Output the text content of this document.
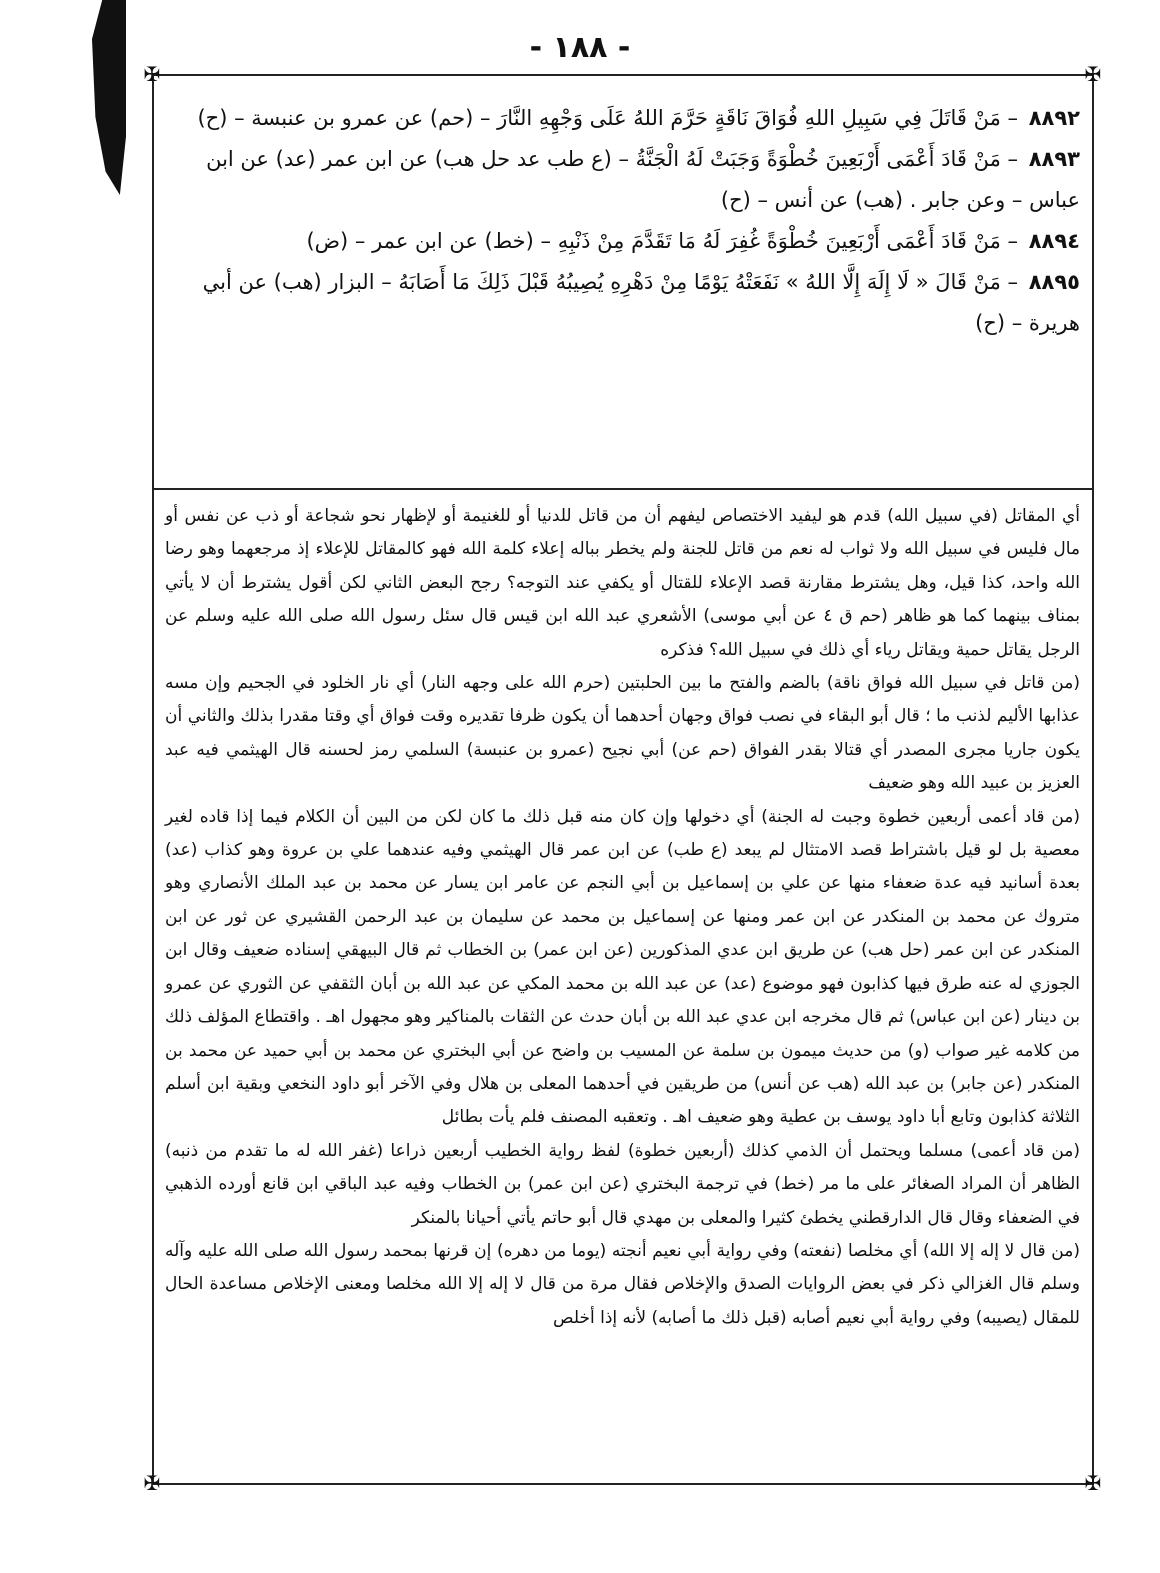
- ١٨٨ -
✠	✠
✠	✠

٨٨٩٢ – مَنْ قَاتَلَ فِي سَبِيلِ اللهِ فُوَاقَ نَاقَةٍ حَرَّمَ اللهُ عَلَى وَجْهِهِ النَّارَ – (حم) عن عمرو بن عنبسة – (ح)

٨٨٩٣ – مَنْ قَادَ أَعْمَى أَرْبَعِينَ خُطْوَةً وَجَبَتْ لَهُ الْجَنَّةُ – (ع طب عد حل هب) عن ابن عمر (عد) عن ابن عباس – وعن جابر . (هب) عن أنس – (ح)

٨٨٩٤ – مَنْ قَادَ أَعْمَى أَرْبَعِينَ خُطْوَةً غُفِرَ لَهُ مَا تَقَدَّمَ مِنْ ذَنْبِهِ – (خط) عن ابن عمر – (ض)

٨٨٩٥ – مَنْ قَالَ « لَا إِلَهَ إِلَّا اللهُ » نَفَعَتْهُ يَوْمًا مِنْ دَهْرِهِ يُصِيبُهُ قَبْلَ ذَلِكَ مَا أَصَابَهُ – البزار (هب) عن أبي هريرة – (ح)

أي المقاتل (في سبيل الله) قدم هو ليفيد الاختصاص ليفهم أن من قاتل للدنيا أو للغنيمة أو لإظهار نحو شجاعة أو ذب عن نفس أو مال فليس في سبيل الله ولا ثواب له نعم من قاتل للجنة ولم يخطر بباله إعلاء كلمة الله فهو كالمقاتل للإعلاء إذ مرجعهما وهو رضا الله واحد، كذا قيل، وهل يشترط مقارنة قصد الإعلاء للقتال أو يكفي عند التوجه؟ رجح البعض الثاني لكن أقول يشترط أن لا يأتي بمناف بينهما كما هو ظاهر (حم ق ٤ عن أبي موسى) الأشعري عبد الله ابن قيس قال سئل رسول الله صلى الله عليه وسلم عن الرجل يقاتل حمية ويقاتل رياء أي ذلك في سبيل الله؟ فذكره

(من قاتل في سبيل الله فواق ناقة) بالضم والفتح ما بين الحلبتين (حرم الله على وجهه النار) أي نار الخلود في الجحيم وإن مسه عذابها الأليم لذنب ما ؛ قال أبو البقاء في نصب فواق وجهان أحدهما أن يكون ظرفا تقديره وقت فواق أي وقتا مقدرا بذلك والثاني أن يكون جاريا مجرى المصدر أي قتالا بقدر الفواق (حم عن) أبي نجيح (عمرو بن عنبسة) السلمي رمز لحسنه قال الهيثمي فيه عبد العزيز بن عبيد الله وهو ضعيف

(من قاد أعمى أربعين خطوة وجبت له الجنة) أي دخولها وإن كان منه قبل ذلك ما كان لكن من البين أن الكلام فيما إذا قاده لغير معصية بل لو قيل باشتراط قصد الامتثال لم يبعد (ع طب) عن ابن عمر قال الهيثمي وفيه عندهما علي بن عروة وهو كذاب (عد) بعدة أسانيد فيه عدة ضعفاء منها عن علي بن إسماعيل بن أبي النجم عن عامر ابن يسار عن محمد بن عبد الملك الأنصاري وهو متروك عن محمد بن المنكدر عن ابن عمر ومنها عن إسماعيل بن محمد عن سليمان بن عبد الرحمن القشيري عن ثور عن ابن المنكدر عن ابن عمر (حل هب) عن طريق ابن عدي المذكورين (عن ابن عمر) بن الخطاب ثم قال البيهقي إسناده ضعيف وقال ابن الجوزي له عنه طرق فيها كذابون فهو موضوع (عد) عن عبد الله بن محمد المكي عن عبد الله بن أبان الثقفي عن الثوري عن عمرو بن دينار (عن ابن عباس) ثم قال مخرجه ابن عدي عبد الله بن أبان حدث عن الثقات بالمناكير وهو مجهول اهـ . واقتطاع المؤلف ذلك من كلامه غير صواب (و) من حديث ميمون بن سلمة عن المسيب بن واضح عن أبي البختري عن محمد بن أبي حميد عن محمد بن المنكدر (عن جابر) بن عبد الله (هب عن أنس) من طريقين في أحدهما المعلى بن هلال وفي الآخر أبو داود النخعي وبقية ابن أسلم الثلاثة كذابون وتابع أبا داود يوسف بن عطية وهو ضعيف اهـ . وتعقبه المصنف فلم يأت بطائل

(من قاد أعمى) مسلما ويحتمل أن الذمي كذلك (أربعين خطوة) لفظ رواية الخطيب أربعين ذراعا (غفر الله له ما تقدم من ذنبه) الظاهر أن المراد الصغائر على ما مر (خط) في ترجمة البختري (عن ابن عمر) بن الخطاب وفيه عبد الباقي ابن قانع أورده الذهبي في الضعفاء وقال قال الدارقطني يخطئ كثيرا والمعلى بن مهدي قال أبو حاتم يأتي أحيانا بالمنكر

(من قال لا إله إلا الله) أي مخلصا (نفعته) وفي رواية أبي نعيم أنجته (يوما من دهره) إن قرنها بمحمد رسول الله صلى الله عليه وآله وسلم قال الغزالي ذكر في بعض الروايات الصدق والإخلاص فقال مرة من قال لا إله إلا الله مخلصا ومعنى الإخلاص مساعدة الحال للمقال (يصيبه) وفي رواية أبي نعيم أصابه (قبل ذلك ما أصابه) لأنه إذا أخلص
